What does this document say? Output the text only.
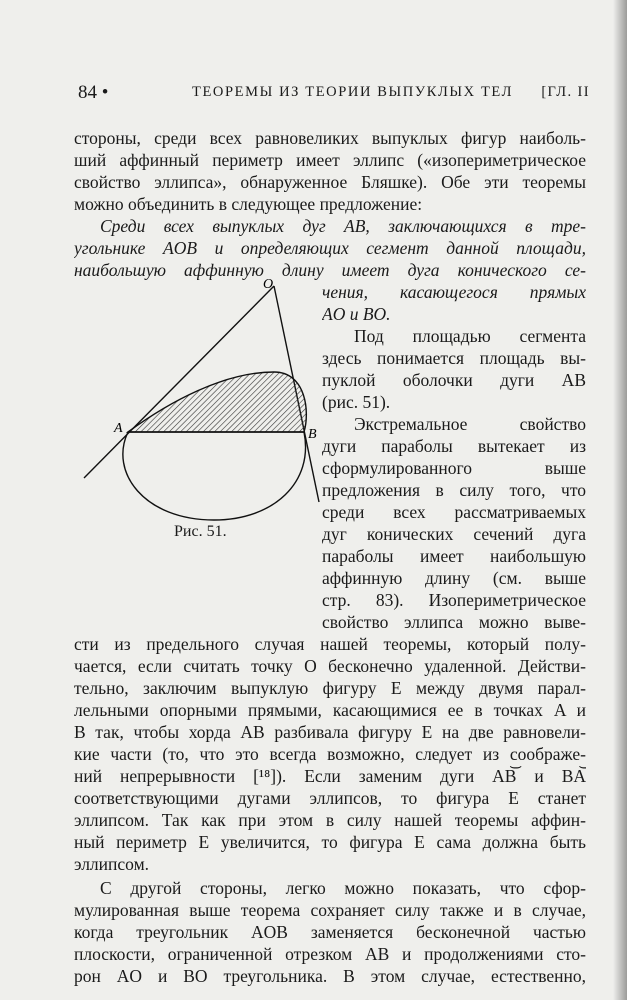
84 •	ТЕОРЕМЫ ИЗ ТЕОРИИ ВЫПУКЛЫХ ТЕЛ [ГЛ. II
стороны, среди всех равновеликих выпуклых фигур наиболь-
ший аффинный периметр имеет эллипс («изопериметрическое
свойство эллипса», обнаруженное Бляшке). Обе эти теоремы
можно объединить в следующее предложение:
Среди всех выпуклых дуг AB, заключающихся в тре-
угольнике AOB и определяющих сегмент данной площади,
наибольшую аффинную длину имеет дуга конического се-
чения, касающегося прямых
AO и BO.
Под площадью сегмента
здесь понимается площадь вы-
пуклой оболочки дуги AB
(рис. 51).
Экстремальное свойство
дуги параболы вытекает из
сформулированного выше
предложения в силу того, что
среди всех рассматриваемых
дуг конических сечений дуга
параболы имеет наибольшую
аффинную длину (см. выше
стр. 83). Изопериметрическое
свойство эллипса можно выве-
сти из предельного случая нашей теоремы, который полу-
чается, если считать точку O бесконечно удаленной. Действи-
тельно, заключим выпуклую фигуру E между двумя парал-
лельными опорными прямыми, касающимися ее в точках A и
B так, чтобы хорда AB разбивала фигуру E на две равновели-
кие части (то, что это всегда возможно, следует из соображе-
ний непрерывности [¹⁸]). Если заменим дуги AB͝ и BA͝
соответствующими дугами эллипсов, то фигура E станет
эллипсом. Так как при этом в силу нашей теоремы аффин-
ный периметр E увеличится, то фигура E сама должна быть
эллипсом.
С другой стороны, легко можно показать, что сфор-
мулированная выше теорема сохраняет силу также и в случае,
когда треугольник AOB заменяется бесконечной частью
плоскости, ограниченной отрезком AB и продолжениями сто-
рон AO и BO треугольника. В этом случае, естественно,
O
A	B
Рис. 51.
